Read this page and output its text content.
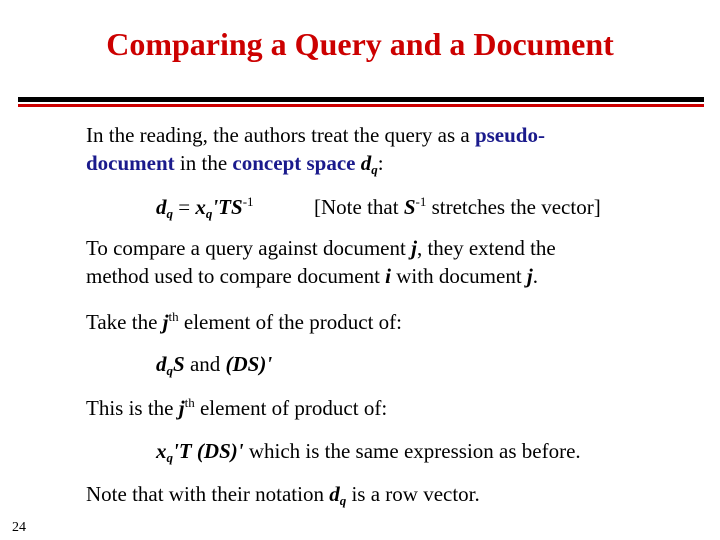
Comparing a Query and a Document
In the reading, the authors treat the query as a pseudo-
document in the concept space $d_q$:
$d_q = x_q'TS^{-1}$	[Note that $S^{-1}$ stretches the vector]
To compare a query against document j, they extend the
method used to compare document i with document j.
Take the $j^{th}$ element of the product of:
$d_qS$ and (DS)'
This is the $j^{th}$ element of product of:
$x_q'T$ (DS)' which is the same expression as before.
Note that with their notation $d_q$ is a row vector.
24
